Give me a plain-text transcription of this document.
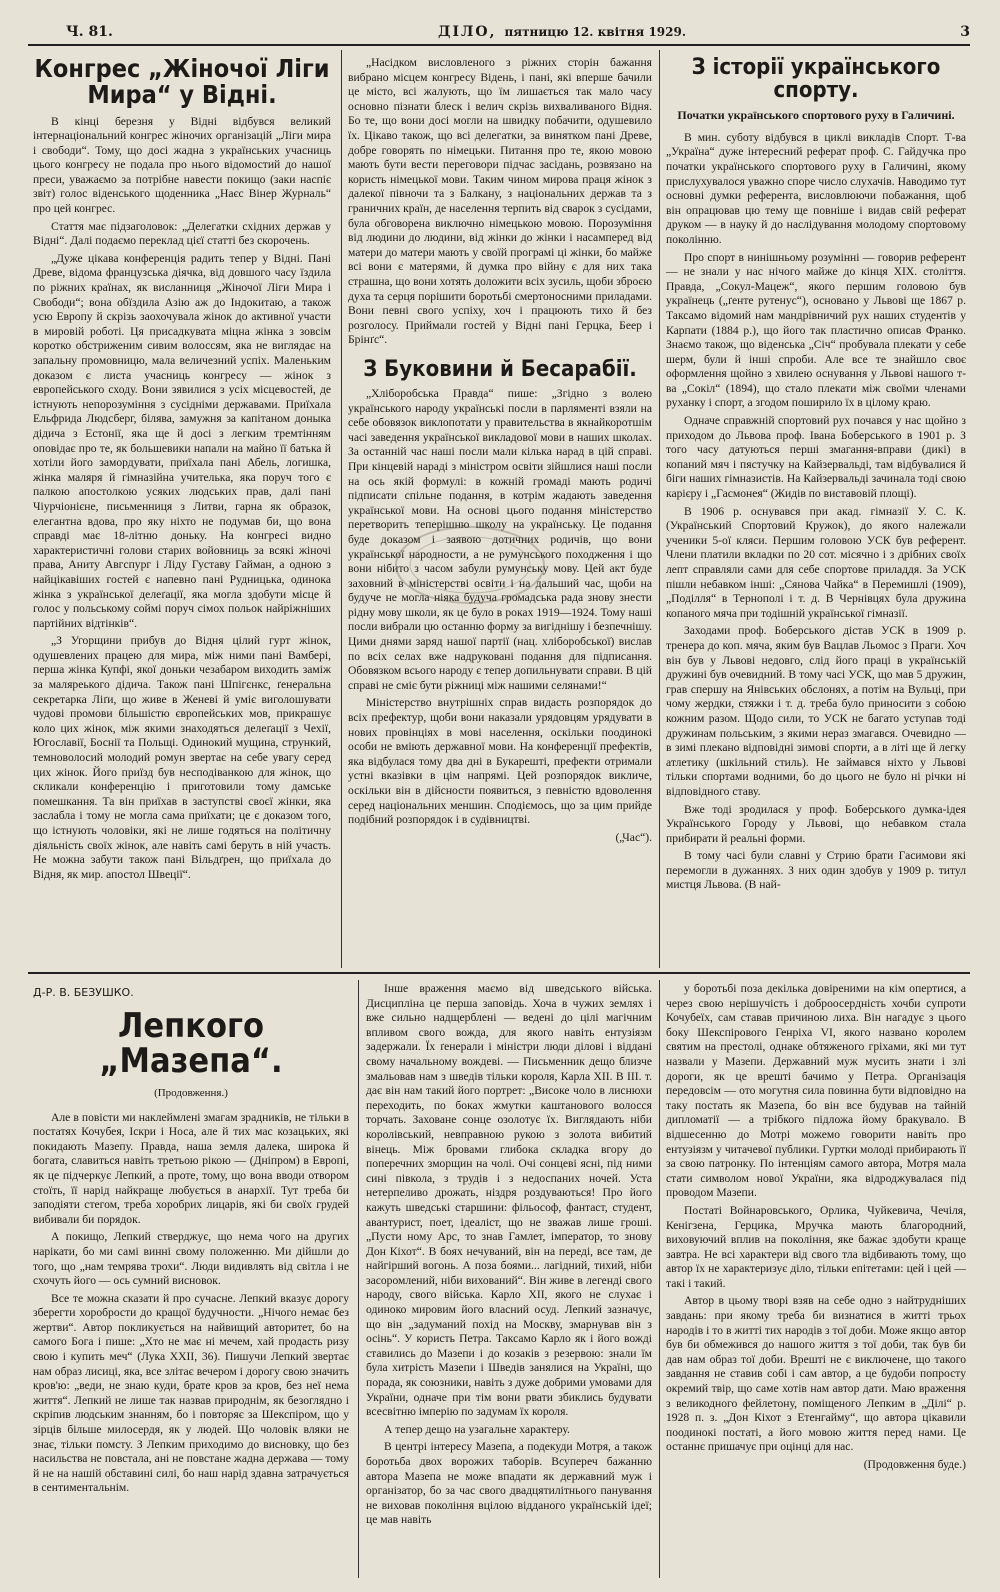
Ч. 81.	ДІЛО, пятницю 12. квітня 1929.	3
Конгрес „Жіночої Ліги Мира“ у Відні.

В кінці березня у Відні відбувся великий інтернаціональний конгрес жіночих організацій „Ліги мира і свободи“. Тому, що досі жадна з українських учасниць цього конгресу не подала про нього відомостий до нашої преси, уважаємо за потрібне навести покищо (заки наспіє звіт) голос віденського щоденника „Наєс Вінер Журналь“ про цей конгрес.

Стаття має підзаголовок: „Делегатки східних держав у Відні“. Далі подаємо переклад цієї статті без скорочень.

„Дуже цікава конференція радить тепер у Відні. Пані Древе, відома французська діячка, від довшого часу їздила по ріжних країнах, як висланниця „Жіночої Ліги Мира і Свободи“; вона обїздила Азію аж до Індокитаю, а також усю Европу й скрізь заохочувала жінок до активної участи в мировій роботі. Ця присадкувата міцна жінка з зовсім коротко обстриженим сивим волоссям, яка не виглядає на запальну промовницю, мала величезний успіх. Маленьким доказом є листа учасниць конгресу — жінок з европейського сходу. Вони зявилися з усіх місцевостей, де істнують непорозуміння з сусідніми державами. Приїхала Ельфрида Людсберг, білява, замужня за капітаном доныка дідича з Естонії, яка ще й досі з легким тремтінням оповідає про те, як большевики напали на майно її батька й хотіли його замордувати, приїхала пані Абель, логишка, жінка маляря й гімназійна учителька, яка поруч того є палкою апостолкою усяких людських прав, далі пані Чіурчіонієне, письменниця з Литви, гарна як образок, елегантна вдова, про яку ніхто не подумав би, що вона справді має 18-літню доньку. На конгресі видно характеристичні голови старих войовниць за всякі жіночі права, Аниту Авгспург і Ліду Густаву Гайман, а одною з найцікавіших гостей є напевно пані Рудницька, одинока жінка з української делеґації, яка могла здобути місце й голос у польському соймі поруч сімох польок найріжніших партійних відтінків“.

„З Угорщини прибув до Відня цілий гурт жінок, одушевлених працею для мира, між ними пані Вамбері, перша жінка Купфі, якої доньки чезабаром виходить заміж за маляреького дідича. Також пані Шпігєнкс, ґенеральна секретарка Ліґи, що живе в Женеві й уміє виголошувати чудові промови більшістю європейських мов, прикрашує коло цих жінок, між якими знаходяться делеґації з Чехії, Югославії, Боснії та Польщі. Одинокий мущина, стрункий, темноволосий молодий ромун звертає на себе увагу серед цих жінок. Його приїзд був несподіванкою для жінок, що скликали конференцію і приготовили тому дамське помешкання. Та він приїхав в заступстві своєї жінки, яка заслабла і тому не могла сама приїхати; це є доказом того, що істнують чоловіки, які не лише годяться на політичну діяльність своїх жінок, але навіть самі беруть в ній участь. Не можна забути також пані Вільдґрен, що приїхала до Відня, як мир. апостол Швеції“.

„Насідком висловленого з ріжних сторін бажання вибрано місцем конгресу Відень, і пані, які вперше бачили це місто, всі жалують, що їм лишається так мало часу основно пізнати блеск і велич скрізь вихваливаного Відня. Бо те, що вони досі могли на швидку побачити, одушевило їх. Цікаво також, що всі делегатки, за винятком пані Древе, добре говорять по німецьки. Питання про те, якою мовою мають бути вести переговори підчас засідань, розвязано на користь німецької мови. Таким чином мирова праця жінок з далекої півночи та з Балкану, з національних держав та з граничних країн, де населення терпить від сварок з сусідами, була обговорена виключно німецькою мовою. Порозуміння від людини до людини, від жінки до жінки і насамперед від матери до матери мають у своїй програмі ці жінки, бо майже всі вони є матерями, й думка про війну є для них така страшна, що вони хотять доложити всіх зусиль, щоби зброєю духа та серця порішити боротьбі смертоносними приладами. Вони певні свого успіху, хоч і працюють тихо й без розголосу. Приймали гостей у Відні пані Герцка, Беер і Брінґс“.

З Буковини й Бесарабії.

„Хліборобська Правда“ пише: „Згідно з волею українського народу українські посли в парляменті взяли на себе обовязок виклопотати у правительства в якнайкоротшім часі заведення української викладової мови в наших школах. За останній час наші посли мали кілька нарад в цій справі. При кінцевій нараді з міністром освіти зійшлися наші посли на ось якій формулі: в кожній громаді мають родичі підписати спільне подання, в котрім жадають заведення української мови. На основі цього подання міністерство перетворить теперішню школу на українську. Це подання буде доказом і заявою дотичних родичів, що вони української народности, а не румунського походження і що вони нібито з часом забули румунську мову. Цей акт буде заховний в міністерстві освіти і на дальший час, щоби на будуче не могла ніяка будуча громадська рада знову знести рідну мову школи, як це було в роках 1919—1924. Тому наші посли вибрали цю останню форму за вигіднішу і безпечнішу. Цими днями заряд нашої партії (нац. хліборобської) вислав по всіх селах вже надруковані подання для підписання. Обовязком всього народу є тепер допильнувати справи. В цій справі не сміє бути ріжниці між нашими селянами!“

Міністерство внутрішніх справ видасть розпорядок до всіх префектур, щоби вони наказали урядовцям урядувати в нових провінціях в мові населення, оскільки поодинокі особи не вміють державної мови. На конференції префектів, яка відбулася тому два дні в Букарешті, префекти отримали устні вказівки в цім напрямі. Цей розпорядок викличе, оскільки він в дійсности появиться, з певністю вдоволення серед національних меншин. Сподіємось, що за цим прийде подібний розпорядок і в судівництві.

(„Час“).

З історії українського спорту.
Початки українського спортового руху в Галичині.

В мин. суботу відбувся в циклі викладів Спорт. Т-ва „Україна“ дуже інтересний реферат проф. С. Гайдучка про початки українського спортового руху в Галичині, якому прислухувалося уважно споре число слухачів. Наводимо тут основні думки референта, висловлюючи побажання, щоб він опрацював цю тему ще повніше і видав свій реферат друком — в науку й до наслідування молодому спортовому поколінню.

Про спорт в нинішньому розумінні — говорив референт — не знали у нас нічого майже до кінця XIX. століття. Правда, „Сокул-Мацеж“, якого першим головою був українець („ґенте рутенус“), основано у Львові ще 1867 р. Таксамо відомий нам мандрівничий рух наших студентів у Карпати (1884 р.), що його так пластично описав Франко. Знаємо також, що віденська „Січ“ пробувала плекати у себе шерм, були й інші спроби. Але все те знайшло своє оформлення щойно з хвилею оснування у Львові нашого т-ва „Сокіл“ (1894), що стало плекати між своїми членами руханку і спорт, а згодом поширило їх в цілому краю.

Одначе справжній спортовий рух почався у нас щойно з приходом до Львова проф. Івана Боберського в 1901 р. З того часу датуються перші змагання-вправи (дикі) в копаний мяч і пястучку на Кайзервальді, там відбувалися й біги наших гімназистів. На Кайзервальді зачинала тоді свою карієру і „Гасмонея“ (Жидів по виставовій площі).

В 1906 р. оснувався при акад. гімназії У. С. К. (Український Спортовий Кружок), до якого належали ученики 5-ої кляси. Першим головою УСК був референт. Члени платили вкладки по 20 сот. місячно і з дрібних своїх лепт справляли сами для себе спортове приладдя. За УСК пішли небавком інші: „Сянова Чайка“ в Перемишлі (1909), „Поділля“ в Тернополі і т. д. В Чернівцях була дружина копаного мяча при тодішній української гімназії.

Заходами проф. Боберського дістав УСК в 1909 р. тренера до коп. мяча, яким був Вацлав Льомос з Праги. Хоч він був у Львові недовго, слід його праці в українській дружині був очевидний. В тому часі УСК, що мав 5 дружин, грав спершу на Янівських обслонях, а потім на Вульці, при чому жердки, стяжки і т. д. треба було приносити з собою кожним разом. Щодо сили, то УСК не багато уступав тоді дружинам польським, з якими нераз змагався. Очевидно — в зимі плекано відповідні зимові спорти, а в літі ще й легку атлетику (шкільний стиль). Не займався ніхто у Львові тільки спортами водними, бо до цього не було ні річки ні відповідного ставу.

Вже тоді зродилася у проф. Боберського думка-ідея Українського Городу у Львові, що небавком стала прибирати й реальні форми.

В тому часі були славні у Стрию брати Гасимови які перемогли в дужаннях. З них один здобув у 1909 р. титул мистця Львова. (В най-

Д-Р. В. БЕЗУШКО.
Лепкого „Мазепа“.
(Продовження.)

Але в повісти ми наклеймлені змагам зрадників, не тільки в постатях Кочубея, Іскри і Носа, але й тих мас козацьких, які покидають Мазепу. Правда, наша земля далека, широка й богата, славиться навіть третьою рікою — (Дніпром) в Европі, як це підчеркує Лепкий, а проте, тому, що вона вводи отвором стоїть, її нарід найкраще любується в анархії. Тут треба би заподіяти стегом, треба хоробрих лицарів, які би своїх грудей вибивали би порядок.

А покищо, Лепкий стверджує, що нема чого на других нарікати, бо ми самі винні свому положенню. Ми дійшли до того, що „нам темрява трохи“. Люди видивлять від світла і не схочуть його — ось сумний висновок.

Все те можна сказати й про сучасне. Лепкий вказує дорогу зберегти хоробрости до кращої будучности. „Нічого немає без жертви“. Автор покликується на найвищий авторитет, бо на самого Бога і пише: „Хто не має ні мечем, хай продасть ризу свою і купить меч“ (Лука XXII, 36). Пишучи Лепкий звертає нам образ лисиці, яка, все злітає вечером і дорогу свою значить кров'ю: „веди, не знаю куди, брате кров за кров, без неї нема життя“. Лепкий не лише так назвав природнім, як безоглядно і скріпив людським знанням, бо і повторяє за Шекспіром, що у зірців більше милосердя, як у людей. Що чоловік вляки не знає, тільки помсту. З Лепким приходимо до висновку, що без насильства не повстала, ані не повстане жадна держава — тому й не на нашій обставині силі, бо наш нарід здавна затрачується в сентиментальнім.

Інше враження маємо від шведського війська. Дисципліна це перша заповідь. Хоча в чужих землях і вже сильно надщерблені — ведені до цілі магічним впливом свого вожда, для якого навіть ентузіязм задержали. Їх ґенерали і міністри люди ділові і віддані свому начальному вождеві. — Письменник дещо близче змальовав нам з шведів тільки короля, Карла XII. В III. т. дає він нам такий його портрет: „Високе чоло в лиснюхи переходить, по боках жмутки каштанового волосся торчать. Заховане сонце озолотує їх. Виглядають ніби королівський, невправною рукою з золота вибитий вінець. Між бровами глибока складка вгору до поперечних зморщин на чолі. Очі сонцеві ясні, під ними сині півкола, з трудів і з недоспаних ночей. Уста нетерпеливо дрожать, ніздря роздуваються! Про його кажуть шведські старшини: фільософ, фантаст, студент, авантурист, поет, ідеаліст, що не зважав лише гроші. „Пусти ному Арс, то знав Гамлет, імператор, то знову Дон Кіхот“. В боях нечуваний, він на переді, все там, де найгірший вогонь. А поза боями... лагідний, тихий, ніби засоромлений, ніби вихований“. Він живе в легенді свого народу, свого війська. Карло XII, якого не слухає і одиноко мировим його власний осуд. Лепкий зазначує, що він „задуманий похід на Москву, змарнував він з осінь“. У користь Петра. Таксамо Карло як і його вожді ставились до Мазепи і до козаків з резервою: знали їм була хитрість Мазепи і Шведів занялися на Україні, що порада, як союзники, навіть з дуже добрими умовами для України, одначе при тім вони рвати збиклись будувати всесвітню імперію по задумам їх короля.

А тепер дещо на узагальне характеру.

В центрі інтересу Мазепа, а подекуди Мотря, а також боротьба двох ворожих таборів. Всупереч бажанню автора Мазепа не може впадати як державний муж і організатор, бо за час свого двадцятилітнього панування не виховав покоління вцілою відданого українській ідеї; це мав навіть

у боротьбі поза декілька довіреними на кім опертися, а через свою нерішучість і доброосердність хочби супроти Кочубеїх, сам ставав причиною лиха. Він нагадує з цього боку Шекспірового Генріха VI, якого названо королем святим на престолі, однаке обтяженого гріхами, які ми тут назвали у Мазепи. Державний муж мусить знати і злі дороги, як це врешті бачимо у Петра. Організація передовсім — ото могутня сила повинна бути відповідно на таку постать як Мазепа, бо він все будував на тайній дипломатії — а трібкого підложа йому бракувало. В відшесенню до Мотрі можемо говорити навіть про ентузіязм у читачевої публики. Гуртки молоді прибирають її за свою патронку. По інтенціям самого автора, Мотря мала стати символом нової України, яка відроджувалася під проводом Мазепи.

Постаті Войнаровського, Орлика, Чуйкевича, Чечіля, Кенігзена, Герцика, Мручка мають благородний, виховуючий вплив на покоління, яке бажає здобути краще завтра. Не всі характери від свого тла відбивають тому, що автор їх не характеризує діло, тільки епітетами: цей і цей — такі і такий.

Автор в цьому творі взяв на себе одно з найтрудніших завдань: при якому треба би визнатися в житті трьох народів і то в житті тих народів з тої доби. Може якщо автор був би обмежився до нашого життя з тої доби, так був би дав нам образ тої доби. Врешті не є виключене, що такого завдання не ставив собі і сам автор, а це будоби попросту окремий твір, що саме хотів нам автор дати. Маю враження з великодного фейлетону, поміщеного Лепким в „Ділі“ р. 1928 п. з. „Дон Кіхот з Етенгайму“, що автора цікавили поодинокі постаті, а його мовою життя перед нами. Це останнє пришачує при оцінці для нас.

(Продовження буде.)
